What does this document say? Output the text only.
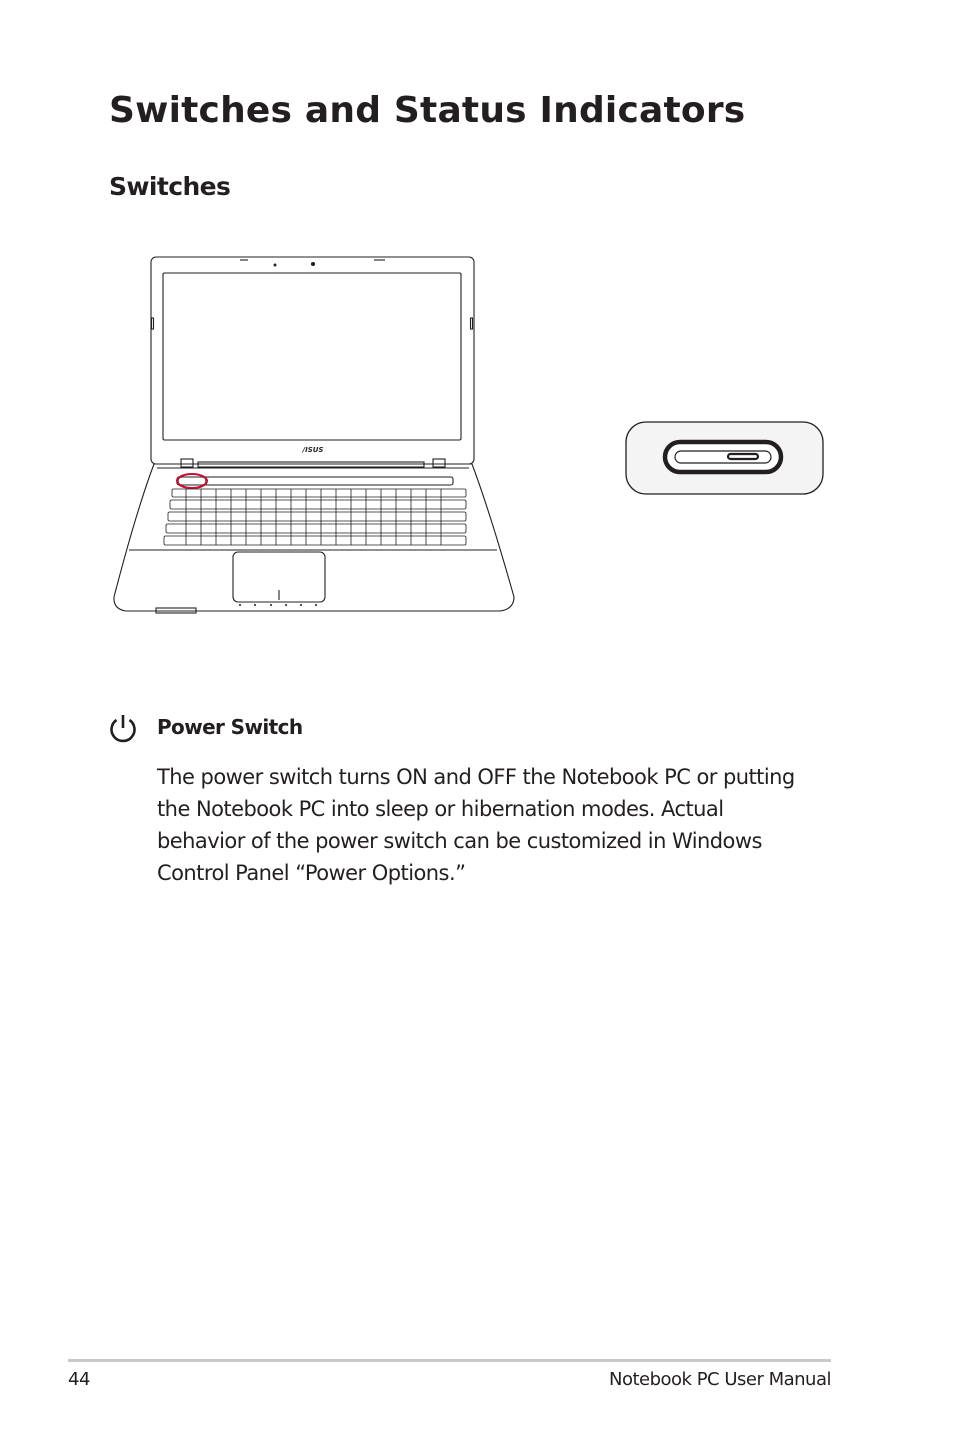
Switches and Status Indicators
Switches
/ISUS
Power Switch

The power switch turns ON and OFF the Notebook PC or putting
the Notebook PC into sleep or hibernation modes. Actual
behavior of the power switch can be customized in Windows
Control Panel “Power Options.”

44	Notebook PC User Manual
